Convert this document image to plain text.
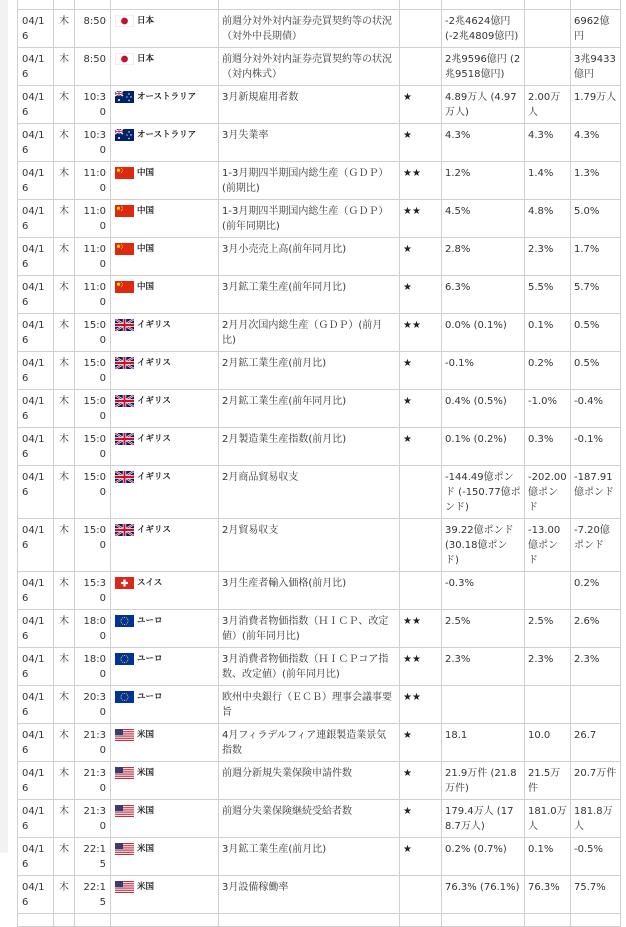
04/16	木	8:50	日本	前週分対外対内証券売買契約等の状況（対外中長期債）		-2兆4624億円 (-2兆4809億円)		6962億円
04/16	木	8:50	日本	前週分対外対内証券売買契約等の状況（対内株式）		2兆9596億円 (2兆9518億円)		3兆9433億円
04/16	木	10:30	オーストラリア	3月新規雇用者数	★	4.89万人 (4.97万人)	2.00万人	1.79万人
04/16	木	10:30	オーストラリア	3月失業率	★	4.3%	4.3%	4.3%
04/16	木	11:00	中国	1-3月期四半期国内総生産（ＧＤＰ）(前期比)	★★	1.2%	1.4%	1.3%
04/16	木	11:00	中国	1-3月期四半期国内総生産（ＧＤＰ）(前年同期比)	★★	4.5%	4.8%	5.0%
04/16	木	11:00	中国	3月小売売上高(前年同月比)	★	2.8%	2.3%	1.7%
04/16	木	11:00	中国	3月鉱工業生産(前年同月比)	★	6.3%	5.5%	5.7%
04/16	木	15:00	イギリス	2月月次国内総生産（ＧＤＰ）(前月比)	★★	0.0% (0.1%)	0.1%	0.5%
04/16	木	15:00	イギリス	2月鉱工業生産(前月比)	★	-0.1%	0.2%	0.5%
04/16	木	15:00	イギリス	2月鉱工業生産(前年同月比)	★	0.4% (0.5%)	-1.0%	-0.4%
04/16	木	15:00	イギリス	2月製造業生産指数(前月比)	★	0.1% (0.2%)	0.3%	-0.1%
04/16	木	15:00	イギリス	2月商品貿易収支		-144.49億ポンド (-150.77億ポンド)	-202.00億ポンド	-187.91億ポンド
04/16	木	15:00	イギリス	2月貿易収支		39.22億ポンド (30.18億ポンド)	-13.00億ポンド	-7.20億ポンド
04/16	木	15:30	スイス	3月生産者輸入価格(前月比)		-0.3%		0.2%
04/16	木	18:00	ユーロ	3月消費者物価指数（ＨＩＣＰ、改定値）(前年同月比)	★★	2.5%	2.5%	2.6%
04/16	木	18:00	ユーロ	3月消費者物価指数（ＨＩＣＰコア指数、改定値）(前年同月比)	★★	2.3%	2.3%	2.3%
04/16	木	20:30	ユーロ	欧州中央銀行（ＥＣＢ）理事会議事要旨	★★			
04/16	木	21:30	米国	4月フィラデルフィア連銀製造業景気指数	★	18.1	10.0	26.7
04/16	木	21:30	米国	前週分新規失業保険申請件数	★	21.9万件 (21.8万件)	21.5万件	20.7万件
04/16	木	21:30	米国	前週分失業保険継続受給者数	★	179.4万人 (178.7万人)	181.0万人	181.8万人
04/16	木	22:15	米国	3月鉱工業生産(前月比)	★	0.2% (0.7%)	0.1%	-0.5%
04/16	木	22:15	米国	3月設備稼働率		76.3% (76.1%)	76.3%	75.7%
